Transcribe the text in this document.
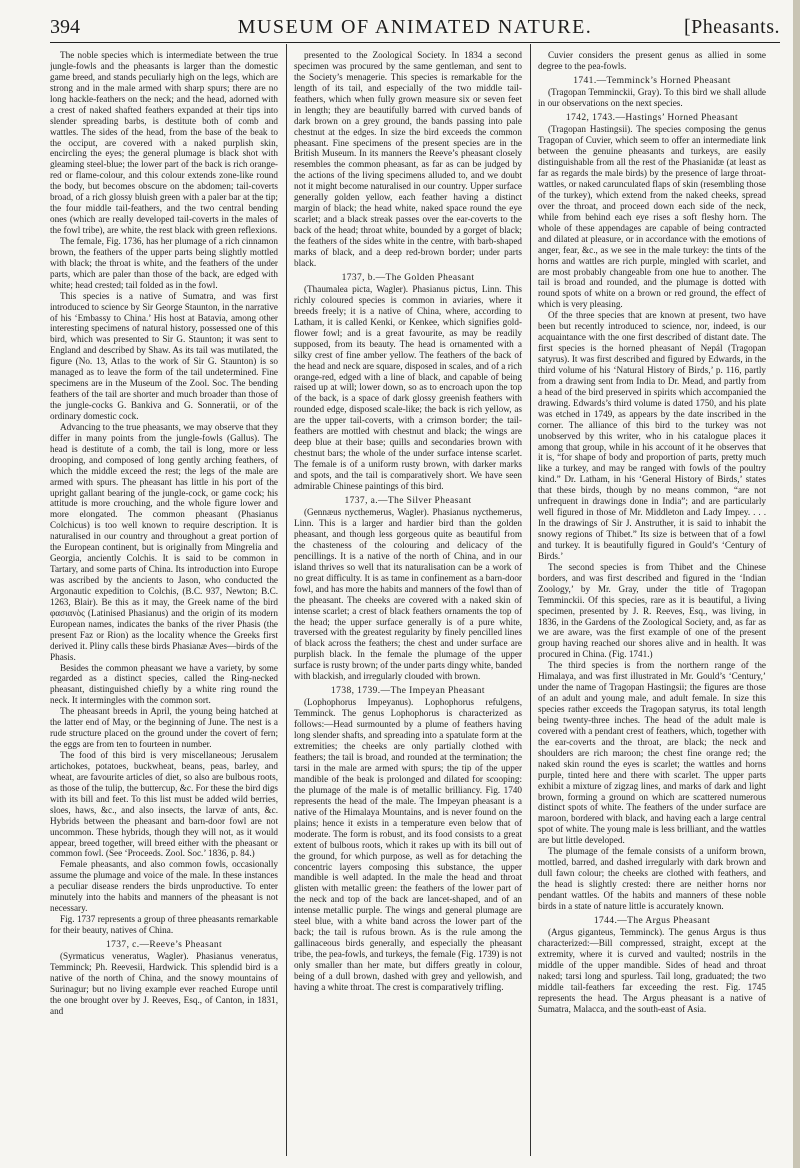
394	MUSEUM OF ANIMATED NATURE.	[Pheasants.

The noble species which is intermediate between the true jungle-fowls and the pheasants is larger than the domestic game breed, and stands peculiarly high on the legs, which are strong and in the male armed with sharp spurs; there are no long hackle-feathers on the neck; and the head, adorned with a crest of naked shafted feathers expanded at their tips into slender spreading barbs, is destitute both of comb and wattles. The sides of the head, from the base of the beak to the occiput, are covered with a naked purplish skin, encircling the eyes; the general plumage is black shot with gleaming steel-blue; the lower part of the back is rich orange-red or flame-colour, and this colour extends zone-like round the body, but becomes obscure on the abdomen; tail-coverts broad, of a rich glossy bluish green with a paler bar at the tip; the four middle tail-feathers, and the two central bending ones (which are really developed tail-coverts in the males of the fowl tribe), are white, the rest black with green reflexions.

The female, Fig. 1736, has her plumage of a rich cinnamon brown, the feathers of the upper parts being slightly mottled with black; the throat is white, and the feathers of the under parts, which are paler than those of the back, are edged with white; head crested; tail folded as in the fowl.

This species is a native of Sumatra, and was first introduced to science by Sir George Staunton, in the narrative of his ‘Embassy to China.’ His host at Batavia, among other interesting specimens of natural history, possessed one of this bird, which was presented to Sir G. Staunton; it was sent to England and described by Shaw. As its tail was mutilated, the figure (No. 13, Atlas to the work of Sir G. Staunton) is so managed as to leave the form of the tail undetermined. Fine specimens are in the Museum of the Zool. Soc. The bending feathers of the tail are shorter and much broader than those of the jungle-cocks G. Bankiva and G. Sonneratii, or of the ordinary domestic cock.

Advancing to the true pheasants, we may observe that they differ in many points from the jungle-fowls (Gallus). The head is destitute of a comb, the tail is long, more or less drooping, and composed of long gently arching feathers, of which the middle exceed the rest; the legs of the male are armed with spurs. The pheasant has little in his port of the upright gallant bearing of the jungle-cock, or game cock; his attitude is more crouching, and the whole figure lower and more elongated. The common pheasant (Phasianus Colchicus) is too well known to require description. It is naturalised in our country and throughout a great portion of the European continent, but is originally from Mingrelia and Georgia, anciently Colchis. It is said to be common in Tartary, and some parts of China. Its introduction into Europe was ascribed by the ancients to Jason, who conducted the Argonautic expedition to Colchis, (B.C. 937, Newton; B.C. 1263, Blair). Be this as it may, the Greek name of the bird φασιανὸς (Latinised Phasianus) and the origin of its modern European names, indicates the banks of the river Phasis (the present Faz or Rion) as the locality whence the Greeks first derived it. Pliny calls these birds Phasianæ Aves—birds of the Phasis.

Besides the common pheasant we have a variety, by some regarded as a distinct species, called the Ring-necked pheasant, distinguished chiefly by a white ring round the neck. It intermingles with the common sort.

The pheasant breeds in April, the young being hatched at the latter end of May, or the beginning of June. The nest is a rude structure placed on the ground under the covert of fern; the eggs are from ten to fourteen in number.

The food of this bird is very miscellaneous; Jerusalem artichokes, potatoes, buckwheat, beans, peas, barley, and wheat, are favourite articles of diet, so also are bulbous roots, as those of the tulip, the buttercup, &c. For these the bird digs with its bill and feet. To this list must be added wild berries, sloes, haws, &c., and also insects, the larvæ of ants, &c. Hybrids between the pheasant and barn-door fowl are not uncommon. These hybrids, though they will not, as it would appear, breed together, will breed either with the pheasant or common fowl. (See ‘Proceeds. Zool. Soc.’ 1836, p. 84.)

Female pheasants, and also common fowls, occasionally assume the plumage and voice of the male. In these instances a peculiar disease renders the birds unproductive. To enter minutely into the habits and manners of the pheasant is not necessary.

Fig. 1737 represents a group of three pheasants remarkable for their beauty, natives of China.

1737, c.—Reeve’s Pheasant

(Syrmaticus veneratus, Wagler). Phasianus veneratus, Temminck; Ph. Reevesii, Hardwick. This splendid bird is a native of the north of China, and the snowy mountains of Surinagur; but no living example ever reached Europe until the one brought over by J. Reeves, Esq., of Canton, in 1831, and

presented to the Zoological Society. In 1834 a second specimen was procured by the same gentleman, and sent to the Society’s menagerie. This species is remarkable for the length of its tail, and especially of the two middle tail-feathers, which when fully grown measure six or seven feet in length; they are beautifully barred with curved bands of dark brown on a grey ground, the bands passing into pale chestnut at the edges. In size the bird exceeds the common pheasant. Fine specimens of the present species are in the British Museum. In its manners the Reeve’s pheasant closely resembles the common pheasant, as far as can be judged by the actions of the living specimens alluded to, and we doubt not it might become naturalised in our country. Upper surface generally golden yellow, each feather having a distinct margin of black; the head white, naked space round the eye scarlet; and a black streak passes over the ear-coverts to the back of the head; throat white, bounded by a gorget of black; the feathers of the sides white in the centre, with barb-shaped marks of black, and a deep red-brown border; under parts black.

1737, b.—The Golden Pheasant

(Thaumalea picta, Wagler). Phasianus pictus, Linn. This richly coloured species is common in aviaries, where it breeds freely; it is a native of China, where, according to Latham, it is called Kenki, or Kenkee, which signifies gold-flower fowl; and is a great favourite, as may be readily supposed, from its beauty. The head is ornamented with a silky crest of fine amber yellow. The feathers of the back of the head and neck are square, disposed in scales, and of a rich orange-red, edged with a line of black, and capable of being raised up at will; lower down, so as to encroach upon the top of the back, is a space of dark glossy greenish feathers with rounded edge, disposed scale-like; the back is rich yellow, as are the upper tail-coverts, with a crimson border; the tail-feathers are mottled with chestnut and black; the wings are deep blue at their base; quills and secondaries brown with chestnut bars; the whole of the under surface intense scarlet. The female is of a uniform rusty brown, with darker marks and spots, and the tail is comparatively short. We have seen admirable Chinese paintings of this bird.

1737, a.—The Silver Pheasant

(Gennæus nycthemerus, Wagler). Phasianus nycthemerus, Linn. This is a larger and hardier bird than the golden pheasant, and though less gorgeous quite as beautiful from the chasteness of the colouring and delicacy of the pencillings. It is a native of the north of China, and in our island thrives so well that its naturalisation can be a work of no great difficulty. It is as tame in confinement as a barn-door fowl, and has more the habits and manners of the fowl than of the pheasant. The cheeks are covered with a naked skin of intense scarlet; a crest of black feathers ornaments the top of the head; the upper surface generally is of a pure white, traversed with the greatest regularity by finely pencilled lines of black across the feathers; the chest and under surface are purplish black. In the female the plumage of the upper surface is rusty brown; of the under parts dingy white, banded with blackish, and irregularly clouded with brown.

1738, 1739.—The Impeyan Pheasant

(Lophophorus Impeyanus). Lophophorus refulgens, Temminck. The genus Lophophorus is characterized as follows:—Head surmounted by a plume of feathers having long slender shafts, and spreading into a spatulate form at the extremities; the cheeks are only partially clothed with feathers; the tail is broad, and rounded at the termination; the tarsi in the male are armed with spurs; the tip of the upper mandible of the beak is prolonged and dilated for scooping: the plumage of the male is of metallic brilliancy. Fig. 1740 represents the head of the male. The Impeyan pheasant is a native of the Himalaya Mountains, and is never found on the plains; hence it exists in a temperature even below that of moderate. The form is robust, and its food consists to a great extent of bulbous roots, which it rakes up with its bill out of the ground, for which purpose, as well as for detaching the concentric layers composing this substance, the upper mandible is well adapted. In the male the head and throat glisten with metallic green: the feathers of the lower part of the neck and top of the back are lancet-shaped, and of an intense metallic purple. The wings and general plumage are steel blue, with a white band across the lower part of the back; the tail is rufous brown. As is the rule among the gallinaceous birds generally, and especially the pheasant tribe, the pea-fowls, and turkeys, the female (Fig. 1739) is not only smaller than her mate, but differs greatly in colour, being of a dull brown, dashed with grey and yellowish, and having a white throat. The crest is comparatively trifling.

Cuvier considers the present genus as allied in some degree to the pea-fowls.

1741.—Temminck’s Horned Pheasant

(Tragopan Temminckii, Gray). To this bird we shall allude in our observations on the next species.

1742, 1743.—Hastings’ Horned Pheasant

(Tragopan Hastingsii). The species composing the genus Tragopan of Cuvier, which seem to offer an intermediate link between the genuine pheasants and turkeys, are easily distinguishable from all the rest of the Phasianidæ (at least as far as regards the male birds) by the presence of large throat-wattles, or naked carunculated flaps of skin (resembling those of the turkey), which extend from the naked cheeks, spread over the throat, and proceed down each side of the neck, while from behind each eye rises a soft fleshy horn. The whole of these appendages are capable of being contracted and dilated at pleasure, or in accordance with the emotions of anger, fear, &c., as we see in the male turkey: the tints of the horns and wattles are rich purple, mingled with scarlet, and are most probably changeable from one hue to another. The tail is broad and rounded, and the plumage is dotted with round spots of white on a brown or red ground, the effect of which is very pleasing.

Of the three species that are known at present, two have been but recently introduced to science, nor, indeed, is our acquaintance with the one first described of distant date. The first species is the horned pheasant of Nepál (Tragopan satyrus). It was first described and figured by Edwards, in the third volume of his ‘Natural History of Birds,’ p. 116, partly from a drawing sent from India to Dr. Mead, and partly from a head of the bird preserved in spirits which accompanied the drawing. Edwards’s third volume is dated 1750, and his plate was etched in 1749, as appears by the date inscribed in the corner. The alliance of this bird to the turkey was not unobserved by this writer, who in his catalogue places it among that group, while in his account of it he observes that it is, “for shape of body and proportion of parts, pretty much like a turkey, and may be ranged with fowls of the poultry kind.” Dr. Latham, in his ‘General History of Birds,’ states that these birds, though by no means common, “are not unfrequent in drawings done in India”; and are particularly well figured in those of Mr. Middleton and Lady Impey. . . . In the drawings of Sir J. Anstruther, it is said to inhabit the snowy regions of Thibet.” Its size is between that of a fowl and turkey. It is beautifully figured in Gould’s ‘Century of Birds.’

The second species is from Thibet and the Chinese borders, and was first described and figured in the ‘Indian Zoology,’ by Mr. Gray, under the title of Tragopan Temminckii. Of this species, rare as it is beautiful, a living specimen, presented by J. R. Reeves, Esq., was living, in 1836, in the Gardens of the Zoological Society, and, as far as we are aware, was the first example of one of the present group having reached our shores alive and in health. It was procured in China. (Fig. 1741.)

The third species is from the northern range of the Himalaya, and was first illustrated in Mr. Gould’s ‘Century,’ under the name of Tragopan Hastingsii; the figures are those of an adult and young male, and adult female. In size this species rather exceeds the Tragopan satyrus, its total length being twenty-three inches. The head of the adult male is covered with a pendant crest of feathers, which, together with the ear-coverts and the throat, are black; the neck and shoulders are rich maroon; the chest fine orange red; the naked skin round the eyes is scarlet; the wattles and horns purple, tinted here and there with scarlet. The upper parts exhibit a mixture of zigzag lines, and marks of dark and light brown, forming a ground on which are scattered numerous distinct spots of white. The feathers of the under surface are maroon, bordered with black, and having each a large central spot of white. The young male is less brilliant, and the wattles are but little developed.

The plumage of the female consists of a uniform brown, mottled, barred, and dashed irregularly with dark brown and dull fawn colour; the cheeks are clothed with feathers, and the head is slightly crested: there are neither horns nor pendant wattles. Of the habits and manners of these noble birds in a state of nature little is accurately known.

1744.—The Argus Pheasant

(Argus giganteus, Temminck). The genus Argus is thus characterized:—Bill compressed, straight, except at the extremity, where it is curved and vaulted; nostrils in the middle of the upper mandible. Sides of head and throat naked; tarsi long and spurless. Tail long, graduated; the two middle tail-feathers far exceeding the rest. Fig. 1745 represents the head. The Argus pheasant is a native of Sumatra, Malacca, and the south-east of Asia.
